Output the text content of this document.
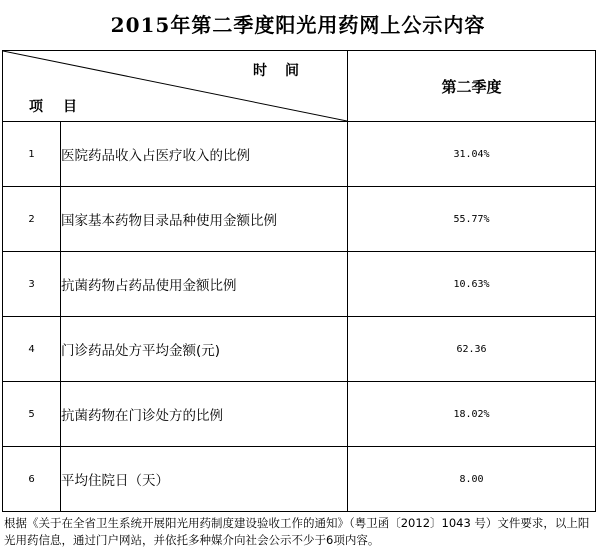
2015年第二季度阳光用药网上公示内容
时间
项目		第二季度
1	医院药品收入占医疗收入的比例	31.04%
2	国家基本药物目录品种使用金额比例	55.77%
3	抗菌药物占药品使用金额比例	10.63%
4	门诊药品处方平均金额(元)	62.36
5	抗菌药物在门诊处方的比例	18.02%
6	平均住院日（天）	8.00
根据《关于在全省卫生系统开展阳光用药制度建设验收工作的通知》（粤卫函〔2012〕1043 号）文件要求，以上阳光用药信息，通过门户网站，并依托多种媒介向社会公示不少于6项内容。
